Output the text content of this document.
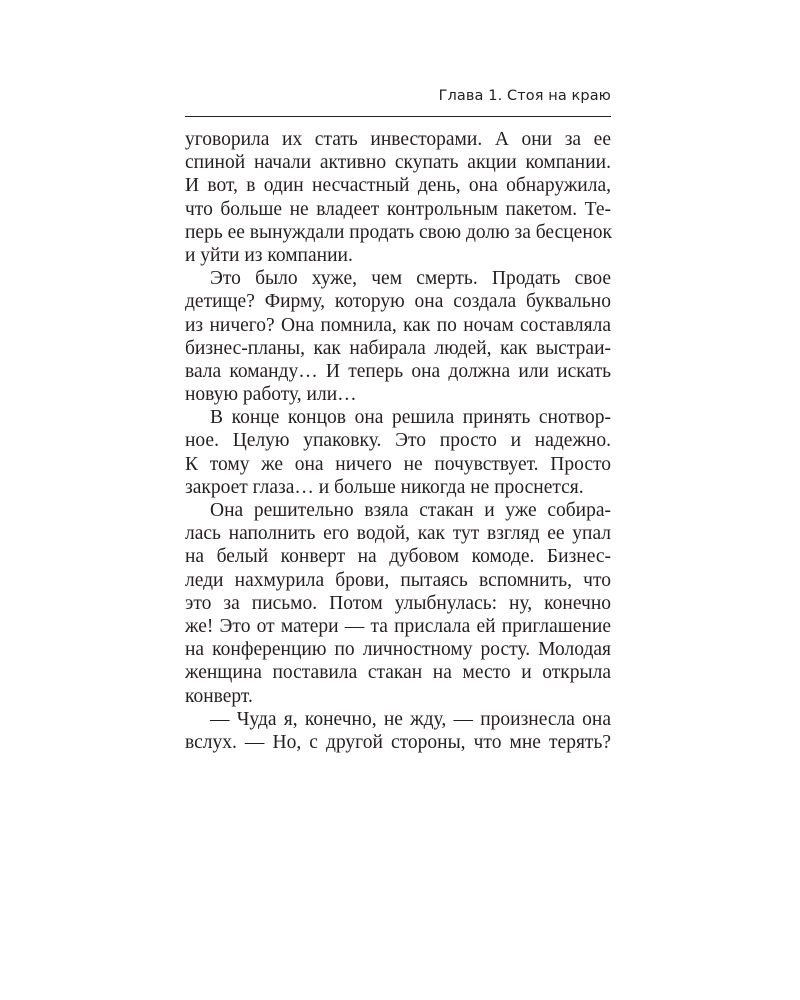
Глава 1. Стоя на краю

уговорила их стать инвесторами. А они за ее
спиной начали активно скупать акции компании.
И вот, в один несчастный день, она обнаружила,
что больше не владеет контрольным пакетом. Те-
перь ее вынуждали продать свою долю за бесценок
и уйти из компании.

Это было хуже, чем смерть. Продать свое
детище? Фирму, которую она создала буквально
из ничего? Она помнила, как по ночам составляла
бизнес-планы, как набирала людей, как выстраи-
вала команду… И теперь она должна или искать
новую работу, или…

В конце концов она решила принять снотвор-
ное. Целую упаковку. Это просто и надежно.
К тому же она ничего не почувствует. Просто
закроет глаза… и больше никогда не проснется.

Она решительно взяла стакан и уже собира-
лась наполнить его водой, как тут взгляд ее упал
на белый конверт на дубовом комоде. Бизнес-
леди нахмурила брови, пытаясь вспомнить, что
это за письмо. Потом улыбнулась: ну, конечно
же! Это от матери — та прислала ей приглашение
на конференцию по личностному росту. Молодая
женщина поставила стакан на место и открыла
конверт.

— Чуда я, конечно, не жду, — произнесла она
вслух. — Но, с другой стороны, что мне терять?
